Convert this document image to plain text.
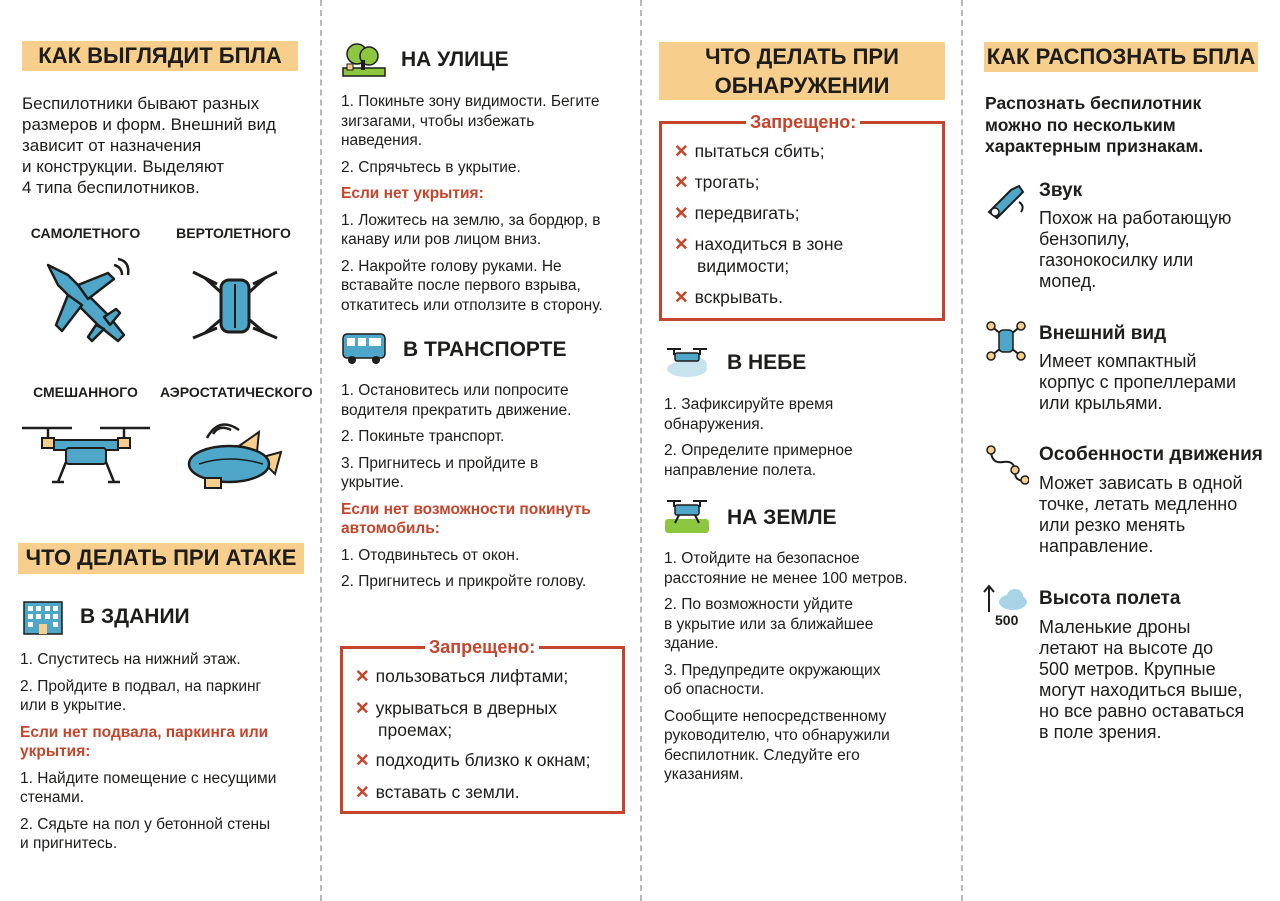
КАК ВЫГЛЯДИТ БПЛА
Беспилотники бывают разных
размеров и форм. Внешний вид
зависит от назначения
и конструкции. Выделяют
4 типа беспилотников.
САМОЛЕТНОГО	ВЕРТОЛЕТНОГО
СМЕШАННОГО	АЭРОСТАТИЧЕСКОГО
ЧТО ДЕЛАТЬ ПРИ АТАКЕ
В ЗДАНИИ
1. Спуститесь на нижний этаж.
2. Пройдите в подвал, на паркинг
или в укрытие.
Если нет подвала, паркинга или
укрытия:
1. Найдите помещение с несущими
стенами.
2. Сядьте на пол у бетонной стены
и пригнитесь.
НА УЛИЦЕ
1. Покиньте зону видимости. Бегите
зигзагами, чтобы избежать
наведения.
2. Спрячьтесь в укрытие.
Если нет укрытия:
1. Ложитесь на землю, за бордюр, в
канаву или ров лицом вниз.
2. Накройте голову руками. Не
вставайте после первого взрыва,
откатитесь или отползите в сторону.
В ТРАНСПОРТЕ
1. Остановитесь или попросите
водителя прекратить движение.
2. Покиньте транспорт.
3. Пригнитесь и пройдите в
укрытие.
Если нет возможности покинуть
автомобиль:
1. Отодвиньтесь от окон.
2. Пригнитесь и прикройте голову.
Запрещено:
✕ пользоваться лифтами;
✕ укрываться в дверных
проемах;
✕ подходить близко к окнам;
✕ вставать с земли.
ЧТО ДЕЛАТЬ ПРИ
ОБНАРУЖЕНИИ
Запрещено:
✕ пытаться сбить;
✕ трогать;
✕ передвигать;
✕ находиться в зоне
видимости;
✕ вскрывать.
В НЕБЕ
1. Зафиксируйте время
обнаружения.
2. Определите примерное
направление полета.
НА ЗЕМЛЕ
1. Отойдите на безопасное
расстояние не менее 100 метров.
2. По возможности уйдите
в укрытие или за ближайшее
здание.
3. Предупредите окружающих
об опасности.
Сообщите непосредственному
руководителю, что обнаружили
беспилотник. Следуйте его
указаниям.
КАК РАСПОЗНАТЬ БПЛА
Распознать беспилотник
можно по нескольким
характерным признакам.
Звук
Похож на работающую
бензопилу,
газонокосилку или
мопед.
Внешний вид
Имеет компактный
корпус с пропеллерами
или крыльями.
Особенности движения
Может зависать в одной
точке, летать медленно
или резко менять
направление.
500
Высота полета
Маленькие дроны
летают на высоте до
500 метров. Крупные
могут находиться выше,
но все равно оставаться
в поле зрения.
